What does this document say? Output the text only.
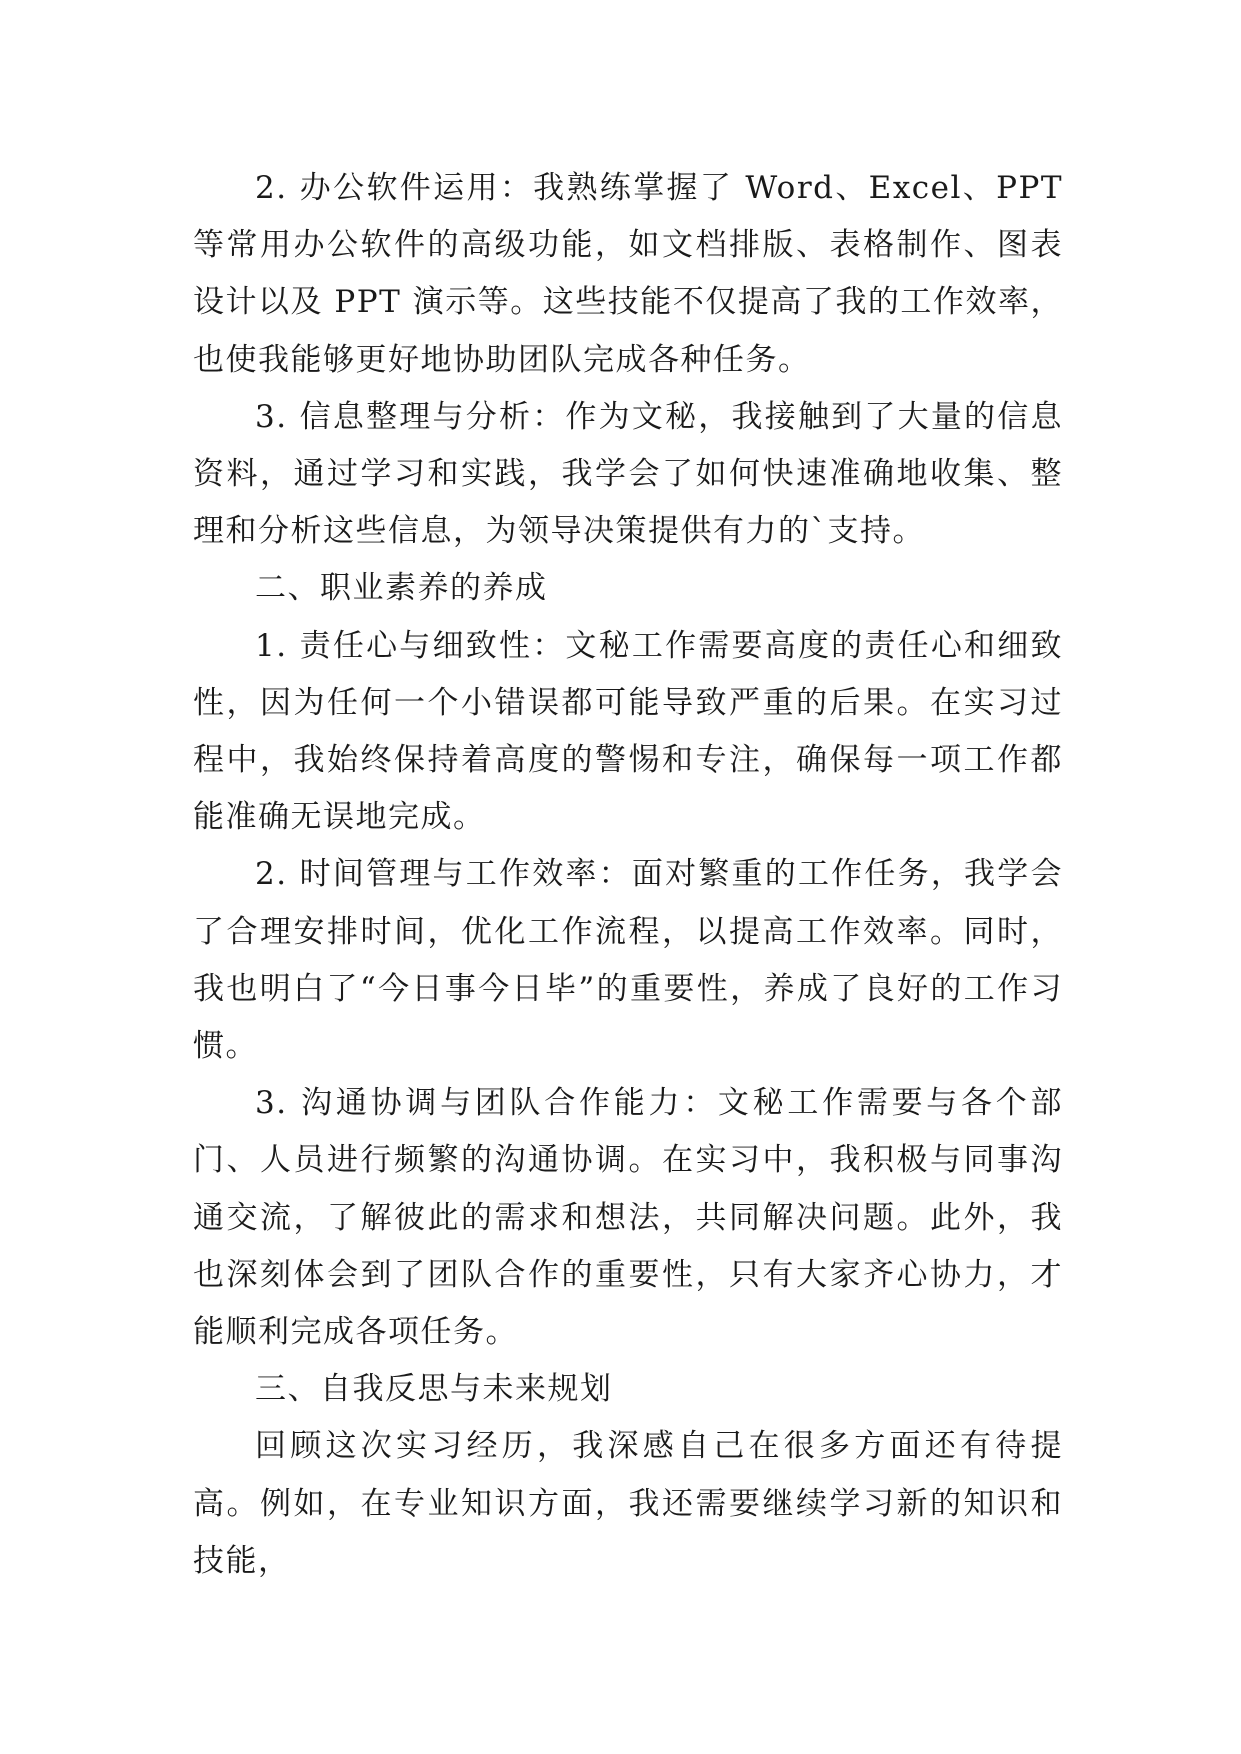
2. 办公软件运用：我熟练掌握了 Word、Excel、PPT 等常用办公软件的高级功能，如文档排版、表格制作、图表设计以及 PPT 演示等。这些技能不仅提高了我的工作效率，也使我能够更好地协助团队完成各种任务。

3. 信息整理与分析：作为文秘，我接触到了大量的信息资料，通过学习和实践，我学会了如何快速准确地收集、整理和分析这些信息，为领导决策提供有力的`支持。

二、职业素养的养成

1. 责任心与细致性：文秘工作需要高度的责任心和细致性，因为任何一个小错误都可能导致严重的后果。在实习过程中，我始终保持着高度的警惕和专注，确保每一项工作都能准确无误地完成。

2. 时间管理与工作效率：面对繁重的工作任务，我学会了合理安排时间，优化工作流程，以提高工作效率。同时，我也明白了“今日事今日毕”的重要性，养成了良好的工作习惯。

3. 沟通协调与团队合作能力：文秘工作需要与各个部门、人员进行频繁的沟通协调。在实习中，我积极与同事沟通交流，了解彼此的需求和想法，共同解决问题。此外，我也深刻体会到了团队合作的重要性，只有大家齐心协力，才能顺利完成各项任务。

三、自我反思与未来规划

回顾这次实习经历，我深感自己在很多方面还有待提高。例如，在专业知识方面，我还需要继续学习新的知识和技能，
